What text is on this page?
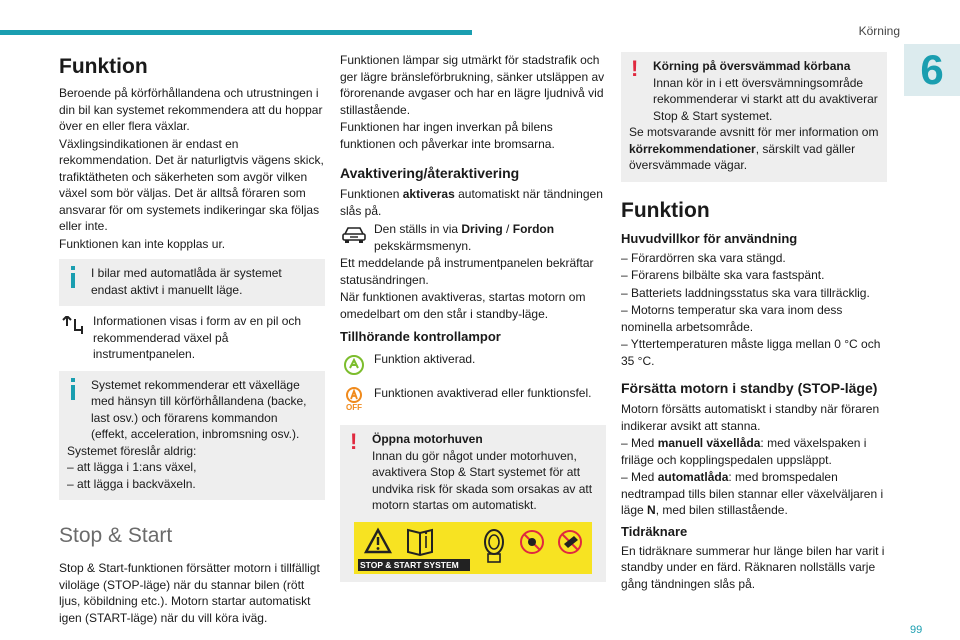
Körning
6
Funktion

Beroende på körförhållandena och utrustningen i din bil kan systemet rekommendera att du hoppar över en eller flera växlar.

Växlingsindikationen är endast en rekommendation. Det är naturligtvis vägens skick, trafiktätheten och säkerheten som avgör vilken växel som bör väljas. Det är alltså föraren som ansvarar för om systemets indikeringar ska följas eller inte.

Funktionen kan inte kopplas ur.

I bilar med automatlåda är systemet endast aktivt i manuellt läge.

Informationen visas i form av en pil och rekommenderad växel på instrumentpanelen.

Systemet rekommenderar ett växelläge med hänsyn till körförhållandena (backe, last osv.) och förarens kommandon (effekt, acceleration, inbromsning osv.).

Systemet föreslår aldrig:

– att lägga i 1:ans växel,

– att lägga i backväxeln.

Stop & Start

Stop & Start-funktionen försätter motorn i tillfälligt viloläge (STOP-läge) när du stannar bilen (rött ljus, köbildning etc.). Motorn startar automatiskt igen (START-läge) när du vill köra iväg.

Funktionen lämpar sig utmärkt för stadstrafik och ger lägre bränsleförbrukning, sänker utsläppen av förorenande avgaser och har en lägre ljudnivå vid stillastående.

Funktionen har ingen inverkan på bilens funktionen och påverkar inte bromsarna.

Avaktivering/återaktivering

Funktionen aktiveras automatiskt när tändningen slås på.

Den ställs in via Driving / Fordon pekskärmsmenyn.

Ett meddelande på instrumentpanelen bekräftar statusändringen.

När funktionen avaktiveras, startas motorn om omedelbart om den står i standby-läge.

Tillhörande kontrollampor

Funktion aktiverad.

OFF

Funktionen avaktiverad eller funktionsfel.

! Öppna motorhuven
Innan du gör något under motorhuven, avaktivera Stop & Start systemet för att undvika risk för skada som orsakas av att motorn startas om automatiskt.

STOP & START SYSTEM

! Körning på översvämmad körbana
Innan kör in i ett översvämningsområde rekommenderar vi starkt att du avaktiverar Stop & Start systemet.

Se motsvarande avsnitt för mer information om körrekommendationer, särskilt vad gäller översvämmade vägar.

Funktion
Huvudvillkor för användning

– Förardörren ska vara stängd.

– Förarens bilbälte ska vara fastspänt.

– Batteriets laddningsstatus ska vara tillräcklig.

– Motorns temperatur ska vara inom dess nominella arbetsområde.

– Yttertemperaturen måste ligga mellan 0 °C och 35 °C.

Försätta motorn i standby (STOP-läge)

Motorn försätts automatiskt i standby när föraren indikerar avsikt att stanna.

– Med manuell växellåda: med växelspaken i friläge och kopplingspedalen uppsläppt.

– Med automatlåda: med bromspedalen nedtrampad tills bilen stannar eller växelväljaren i läge N, med bilen stillastående.

Tidräknare

En tidräknare summerar hur länge bilen har varit i standby under en färd. Räknaren nollställs varje gång tändningen slås på.

99
